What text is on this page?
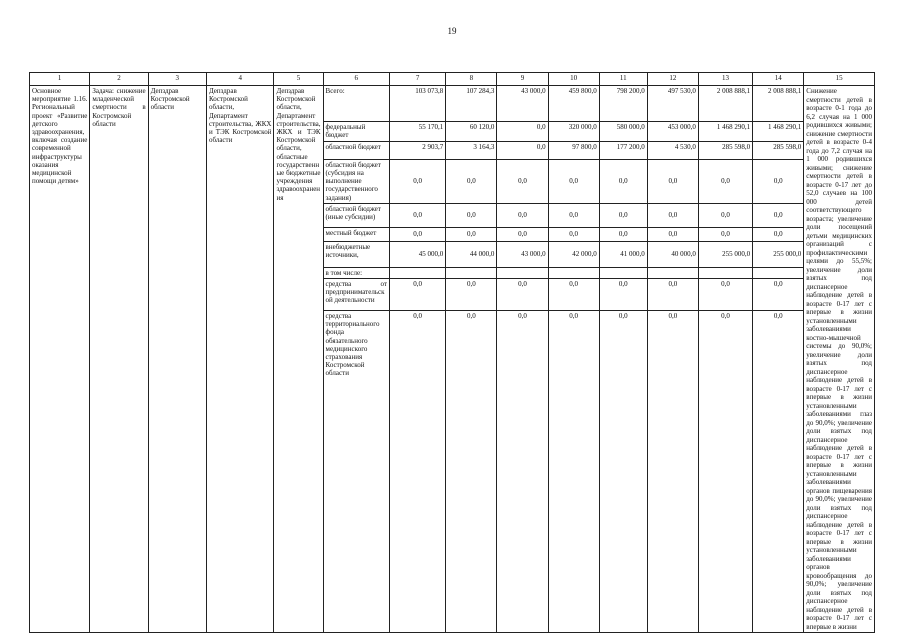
19
1	2	3	4	5	6	7	8	9	10	11	12	13	14	15
Основное мероприятие 1.16. Региональный проект «Развитие детского здравоохранения, включая создание современной инфраструктуры оказания медицинской помощи детям»	Задача: снижение младенческой смертности в Костромской области	Депздрав Костромской области	Депздрав Костромской области, Департамент строительства, ЖКХ и ТЭК Костромской области	Депздрав Костромской области, Департамент строительства, ЖКХ и ТЭК Костромской области, областные государственные бюджетные учреждения здравоохранения	Всего:	103 073,8	107 284,3	43 000,0	459 800,0	798 200,0	497 530,0	2 008 888,1	2 008 888,1	Снижение смертности детей в возрасте 0-1 года до 6,2 случая на 1 000 родившихся живыми; снижение смертности детей в возрасте 0-4 года до 7,2 случая на 1 000 родившихся живыми; снижение смертности детей в возрасте 0-17 лет до 52,0 случаев на 100 000 детей соответствующего возраста; увеличение доли посещений детьми медицинских организаций с профилактическими целями до 55,5%; увеличение доли взятых под диспансерное наблюдение детей в возрасте 0-17 лет с впервые в жизни установленными заболеваниями костно-мышечной системы до 90,0%; увеличение доли взятых под диспансерное наблюдение детей в возрасте 0-17 лет с впервые в жизни установленными заболеваниями глаз до 90,0%; увеличение доли взятых под диспансерное наблюдение детей в возрасте 0-17 лет с впервые в жизни установленными заболеваниями органов пищеварения до 90,0%; увеличение доли взятых под диспансерное наблюдение детей в возрасте 0-17 лет с впервые в жизни установленными заболеваниями органов кровообращения до 90,0%; увеличение доли взятых под диспансерное наблюдение детей в возрасте 0-17 лет с впервые в жизни
					федеральный бюджет	55 170,1	60 120,0	0,0	320 000,0	580 000,0	453 000,0	1 468 290,1	1 468 290,1	
					областной бюджет	2 903,7	3 164,3	0,0	97 800,0	177 200,0	4 530,0	285 598,0	285 598,0	
					областной бюджет (субсидия на выполнение государственного задания)	0,0	0,0	0,0	0,0	0,0	0,0	0,0	0,0	
					областной бюджет (иные субсидии)	0,0	0,0	0,0	0,0	0,0	0,0	0,0	0,0	
					местный бюджет	0,0	0,0	0,0	0,0	0,0	0,0	0,0	0,0	
					внебюджетные источники,	45 000,0	44 000,0	43 000,0	42 000,0	41 000,0	40 000,0	255 000,0	255 000,0	
					в том числе:									
					средства от предпринимательской деятельности	0,0	0,0	0,0	0,0	0,0	0,0	0,0	0,0	
					средства территориального фонда обязательного медицинского страхования Костромской области	0,0	0,0	0,0	0,0	0,0	0,0	0,0	0,0	
